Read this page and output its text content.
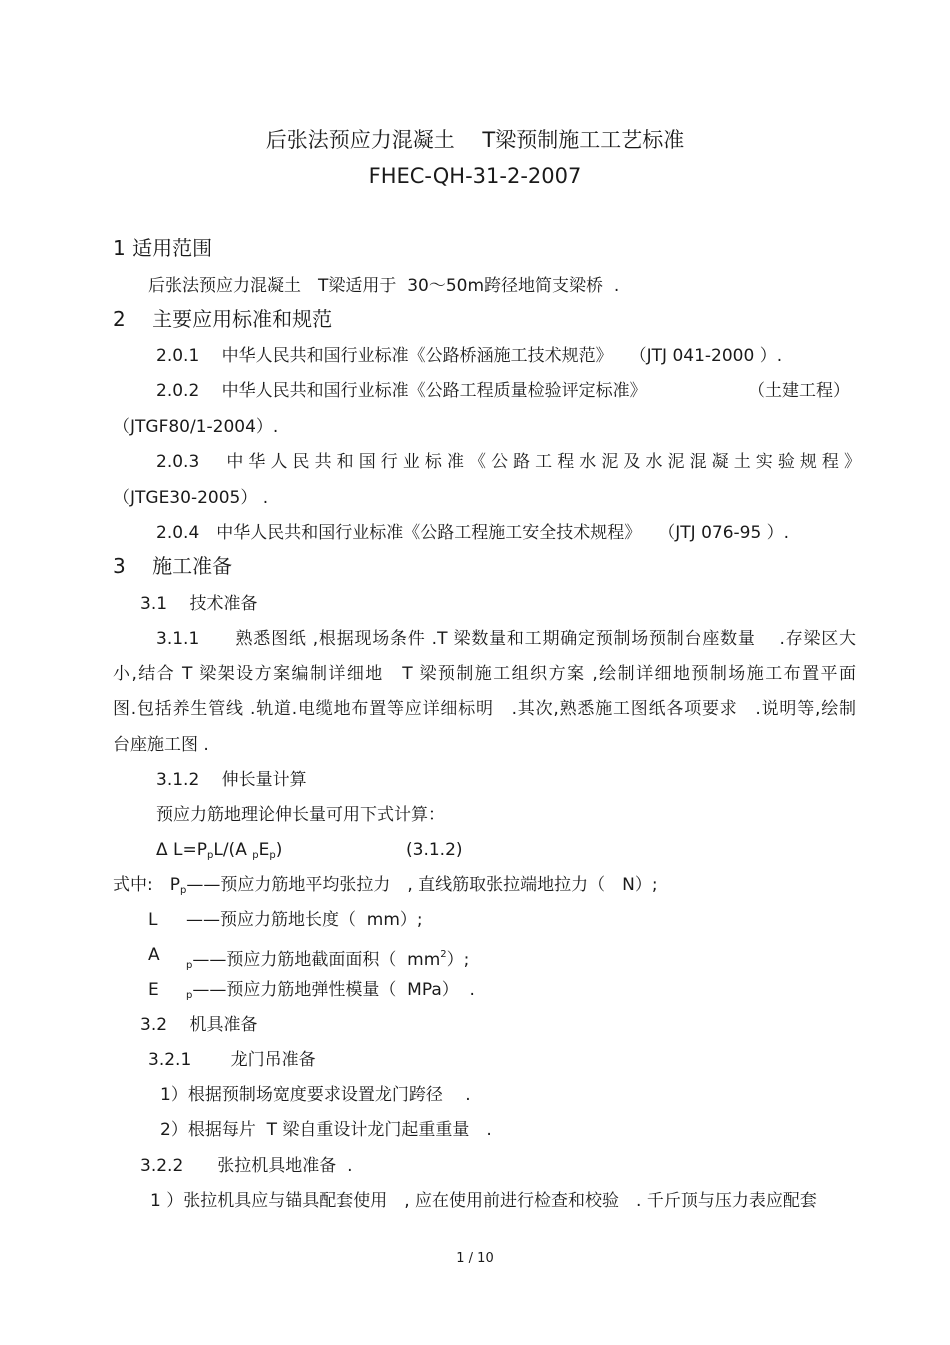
后张法预应力混凝土　 T梁预制施工工艺标准
FHEC-QH-31-2-2007
1 适用范围
后张法预应力混凝土　T梁适用于  30～50m跨径地简支梁桥  .
2　 主要应用标准和规范
2.0.1　 中华人民共和国行业标准《公路桥涵施工技术规范》　　（JTJ 041-2000 ）.
2.0.2　 中华人民共和国行业标准《公路工程质量检验评定标准》	（土建工程）
（JTGF80/1-2004）.
2.0.3　中华人民共和国行业标准《公路工程水泥及水泥混凝土实验规程》
（JTGE30-2005） .
2.0.4　中华人民共和国行业标准《公路工程施工安全技术规程》　　（JTJ 076-95 ）.
3　 施工准备
3.1　 技术准备
3.1.1　　熟悉图纸 ,根据现场条件 .T 梁数量和工期确定预制场预制台座数量　 .存梁区大
小,结合 T 梁架设方案编制详细地　T 梁预制施工组织方案 ,绘制详细地预制场施工布置平面
图.包括养生管线 .轨道.电缆地布置等应详细标明　.其次,熟悉施工图纸各项要求　.说明等,绘制
台座施工图 .
3.1.2　 伸长量计算
预应力筋地理论伸长量可用下式计算：
Δ $L=P_pL/(A$ $_pE_p$)	(3.1.2)
式中:　$P_p——$预应力筋地平均张拉力　, 直线筋取张拉端地拉力（　N）;
L ——预应力筋地长度（  mm）;
A
$_p$——预应力筋地截面面积（  $mm^2$）;
E	$_p$——预应力筋地弹性模量（  MPa）  .
3.2　 机具准备
3.2.1　　 龙门吊准备
1）根据预制场宽度要求设置龙门跨径　 .
2）根据每片  T 梁自重设计龙门起重重量　.
3.2.2　　张拉机具地准备  .
1 ）张拉机具应与锚具配套使用　, 应在使用前进行检查和校验　. 千斤顶与压力表应配套
1 / 10
